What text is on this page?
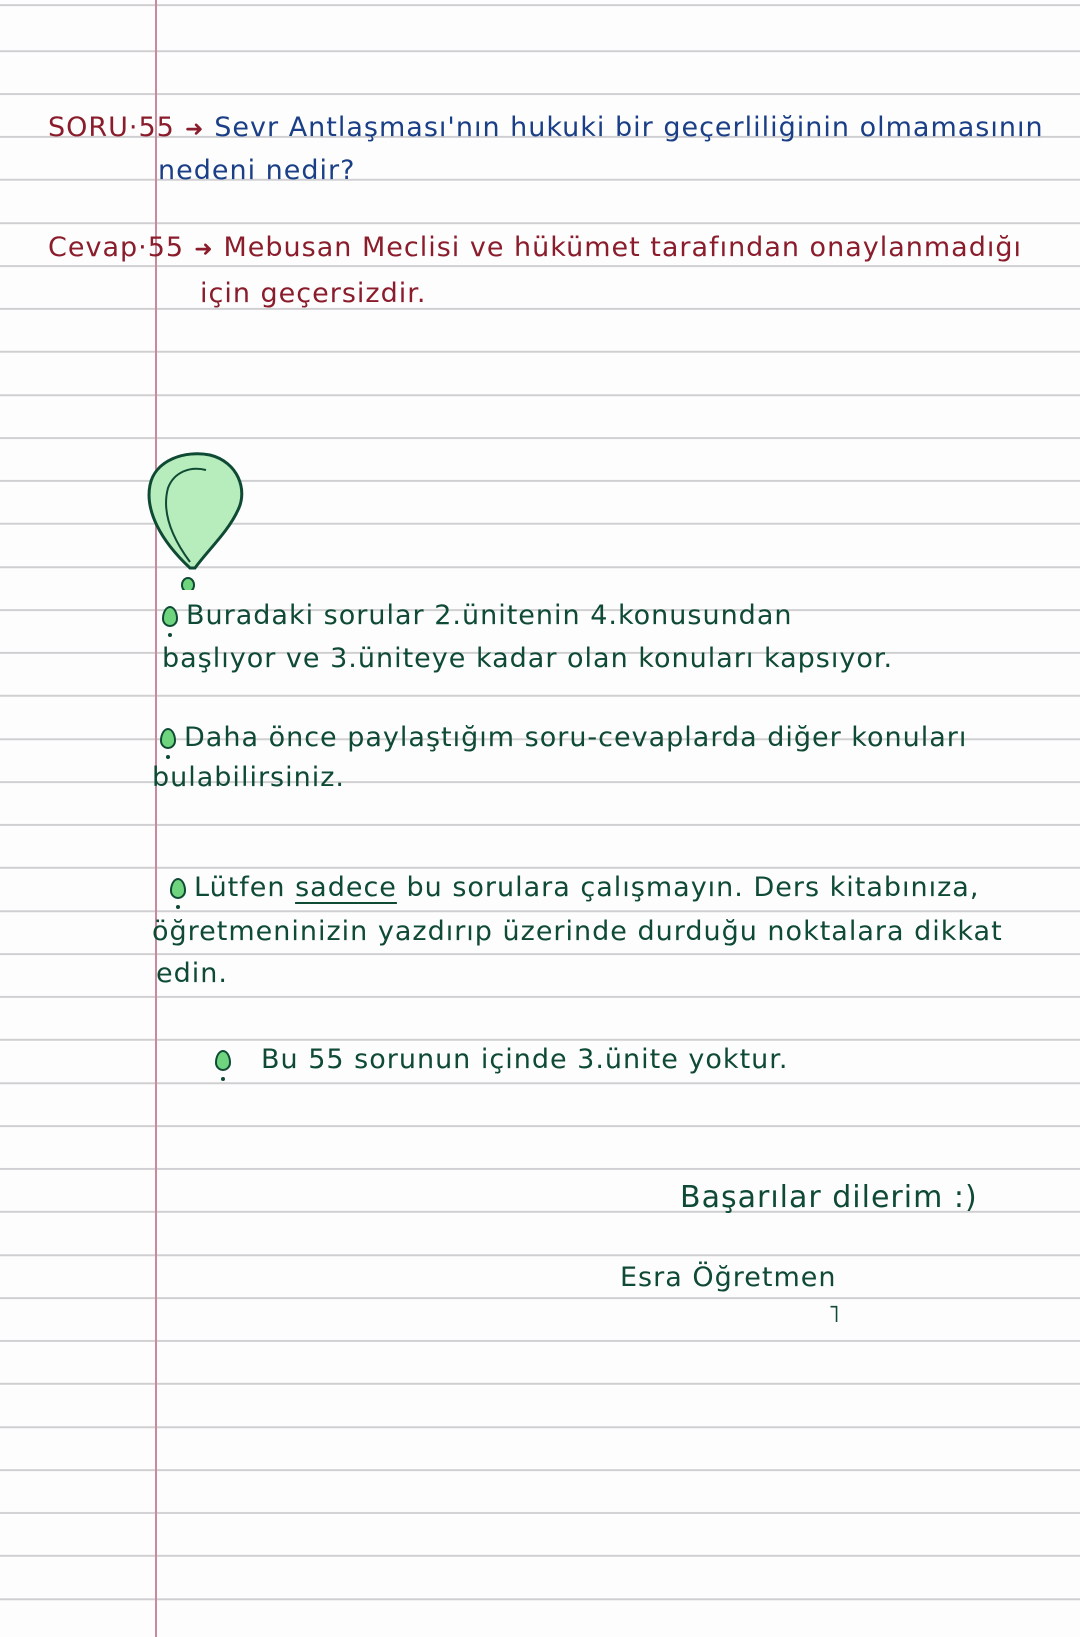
SORU·55 ➜ Sevr Antlaşması'nın hukuki bir geçerliliğinin olmamasının
nedeni nedir?
Cevap·55 ➜ Mebusan Meclisi ve hükümet tarafından onaylanmadığı
için geçersizdir.
Buradaki sorular 2.ünitenin 4.konusundan
başlıyor ve 3.üniteye kadar olan konuları kapsıyor.
Daha önce paylaştığım soru-cevaplarda diğer konuları
bulabilirsiniz.
Lütfen sadece bu sorulara çalışmayın. Ders kitabınıza,
öğretmeninizin yazdırıp üzerinde durduğu noktalara dikkat
edin.
Bu 55 sorunun içinde 3.ünite yoktur.
Başarılar dilerim :)
Esra Öğretmen
˥
